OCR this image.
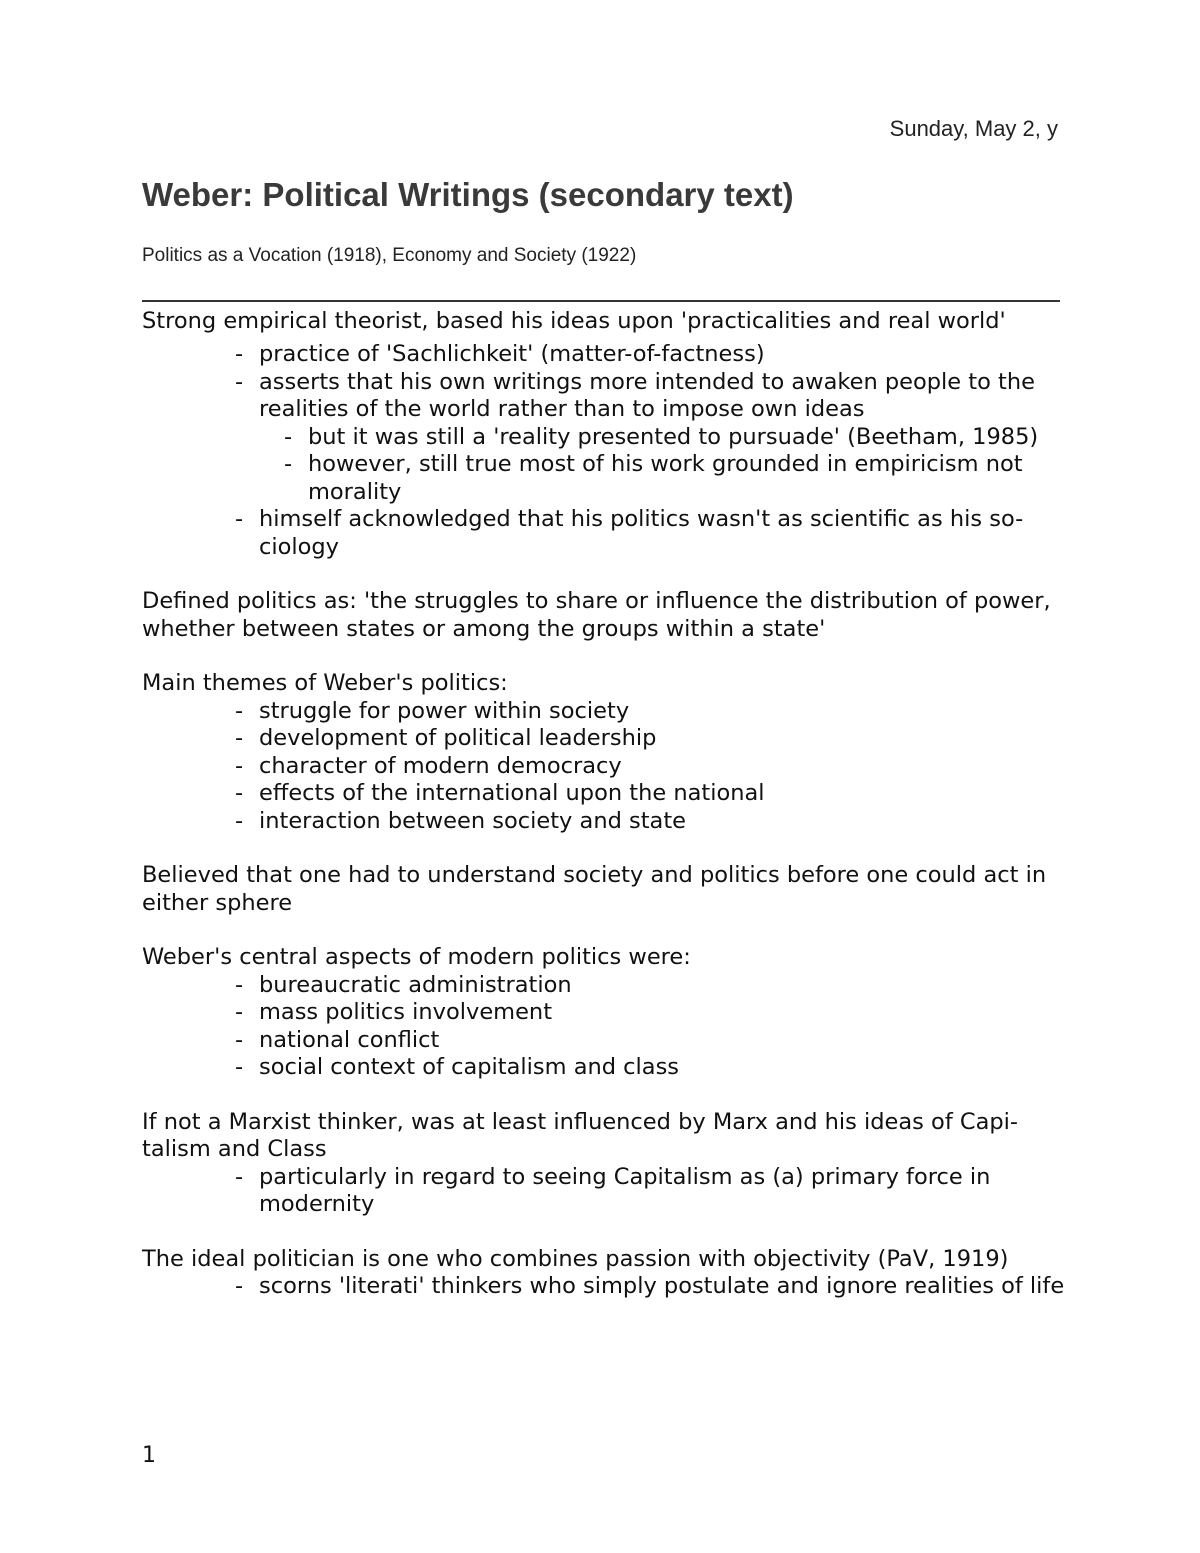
Sunday, May 2, y
Weber: Political Writings (secondary text)
Politics as a Vocation (1918), Economy and Society (1922)

Strong empirical theorist, based his ideas upon 'practicalities and real world'

- practice of 'Sachlichkeit' (matter-of-factness)
- asserts that his own writings more intended to awaken people to the realities of the world rather than to impose own ideas
- but it was still a 'reality presented to pursuade' (Beetham, 1985)
- however, still true most of his work grounded in empiricism not morality
- himself acknowledged that his politics wasn't as scientific as his so-ciology

Defined politics as: 'the struggles to share or influence the distribution of power, whether between states or among the groups within a state'

Main themes of Weber's politics:

- struggle for power within society
- development of political leadership
- character of modern democracy
- effects of the international upon the national
- interaction between society and state

Believed that one had to understand society and politics before one could act in either sphere

Weber's central aspects of modern politics were:

- bureaucratic administration
- mass politics involvement
- national conflict
- social context of capitalism and class

If not a Marxist thinker, was at least influenced by Marx and his ideas of Capi-talism and Class

- particularly in regard to seeing Capitalism as (a) primary force in modernity

The ideal politician is one who combines passion with objectivity (PaV, 1919)

- scorns 'literati' thinkers who simply postulate and ignore realities of life
1
